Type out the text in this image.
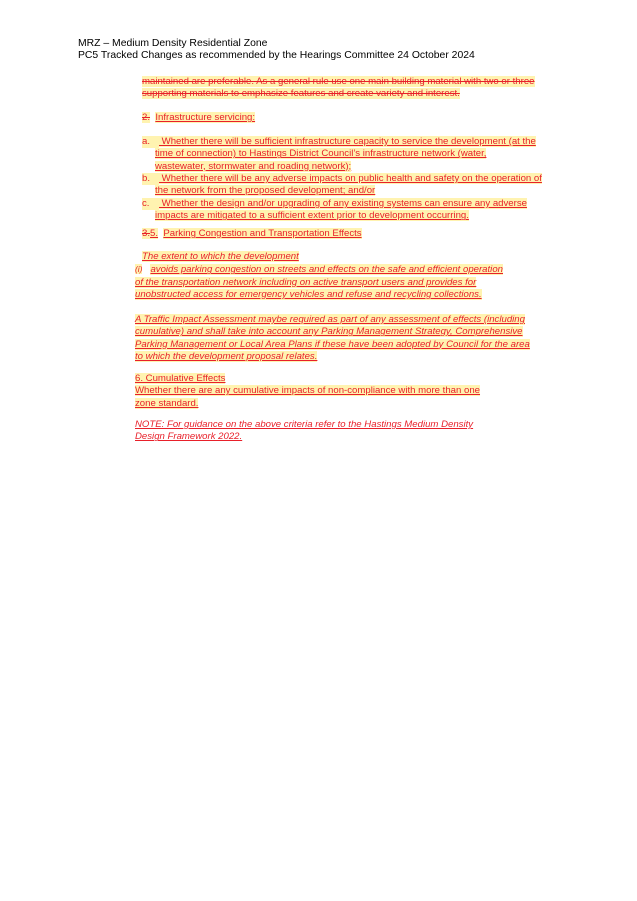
MRZ – Medium Density Residential Zone
PC5 Tracked Changes as recommended by the Hearings Committee 24 October 2024
maintained are preferable. As a general rule use one main building material with two or three
supporting materials to emphasize features and create variety and interest.
2. Infrastructure servicing:
a. Whether there will be sufficient infrastructure capacity to service the development (at the
time of connection) to Hastings District Council’s infrastructure network (water,
wastewater, stormwater and roading network);
b. Whether there will be any adverse impacts on public health and safety on the operation of
the network from the proposed development; and/or
c. Whether the design and/or upgrading of any existing systems can ensure any adverse
impacts are mitigated to a sufficient extent prior to development occurring.
3.5. Parking Congestion and Transportation Effects
The extent to which the development
(i) avoids parking congestion on streets and effects on the safe and efficient operation
of the transportation network including on active transport users and provides for
unobstructed access for emergency vehicles and refuse and recycling collections.
A Traffic Impact Assessment maybe required as part of any assessment of effects (including
cumulative) and shall take into account any Parking Management Strategy, Comprehensive
Parking Management or Local Area Plans if these have been adopted by Council for the area
to which the development proposal relates.
6. Cumulative Effects
Whether there are any cumulative impacts of non-compliance with more than one
zone standard.
NOTE: For guidance on the above criteria refer to the Hastings Medium Density
Design Framework 2022.
